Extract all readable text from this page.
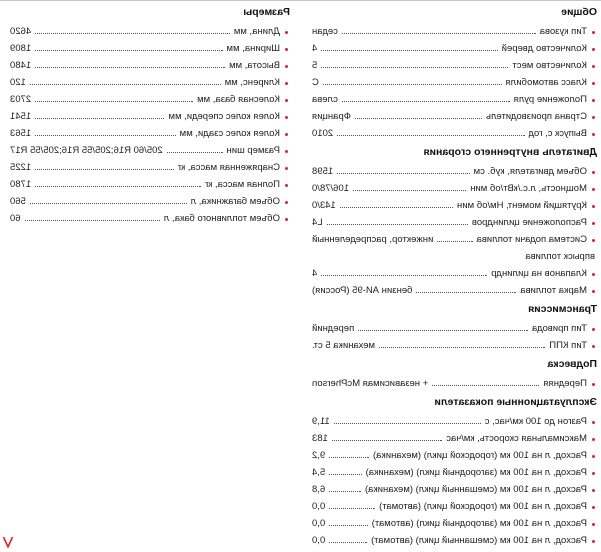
Общие
Тип кузова
седан
Количество дверей
4
Количество мест
5
Класс автомобиля
C
Положение руля
слева
Страна производитель
Франция
Выпуск с, год
2010
Двигатель внутреннего сгорания
Объем двигателя, куб. см
1598
Мощность, л.с./кВт/об мин
106/78/0
Крутящий момент, Нм/об мин
143/0
Расположение цилиндров
L4
Система подачи топлива
инжектор, распределенный
впрыск топлива
Клапанов на цилиндр
4
Марка топлива
бензин АИ-95 (Россия)
Трансмиссия
Тип привода
передний
Тип КПП
механика 5 ст.
Подвеска
Передняя
+ независимая McPherson
Эксплуатационные показатели
Разгон до 100 км/час, с
11,9
Максимальная скорость, км/час
183
Расход, л на 100 км (городской цикл) (механика)
9,2
Расход, л на 100 км (загородный цикл) (механика)
5,4
Расход, л на 100 км (смешанный цикл) (механика)
6,8
Расход, л на 100 км (городской цикл) (автомат)
0,0
Расход, л на 100 км (загородный цикл) (автомат)
0,0
Расход, л на 100 км (смешанный цикл) (автомат)
0,0
Размеры
Длина, мм
4620
Ширина, мм
1809
Высота, мм
1480
Клиренс, мм
120
Колесная база, мм
2703
Колея колес спереди, мм
1541
Колея колес сзади, мм
1563
Размер шин
205/60 R16;205/55 R16;205/55 R17
Снаряженная масса, кг
1225
Полная масса, кг
1780
Объем багажника, л
560
Объем топливного бака, л
60
